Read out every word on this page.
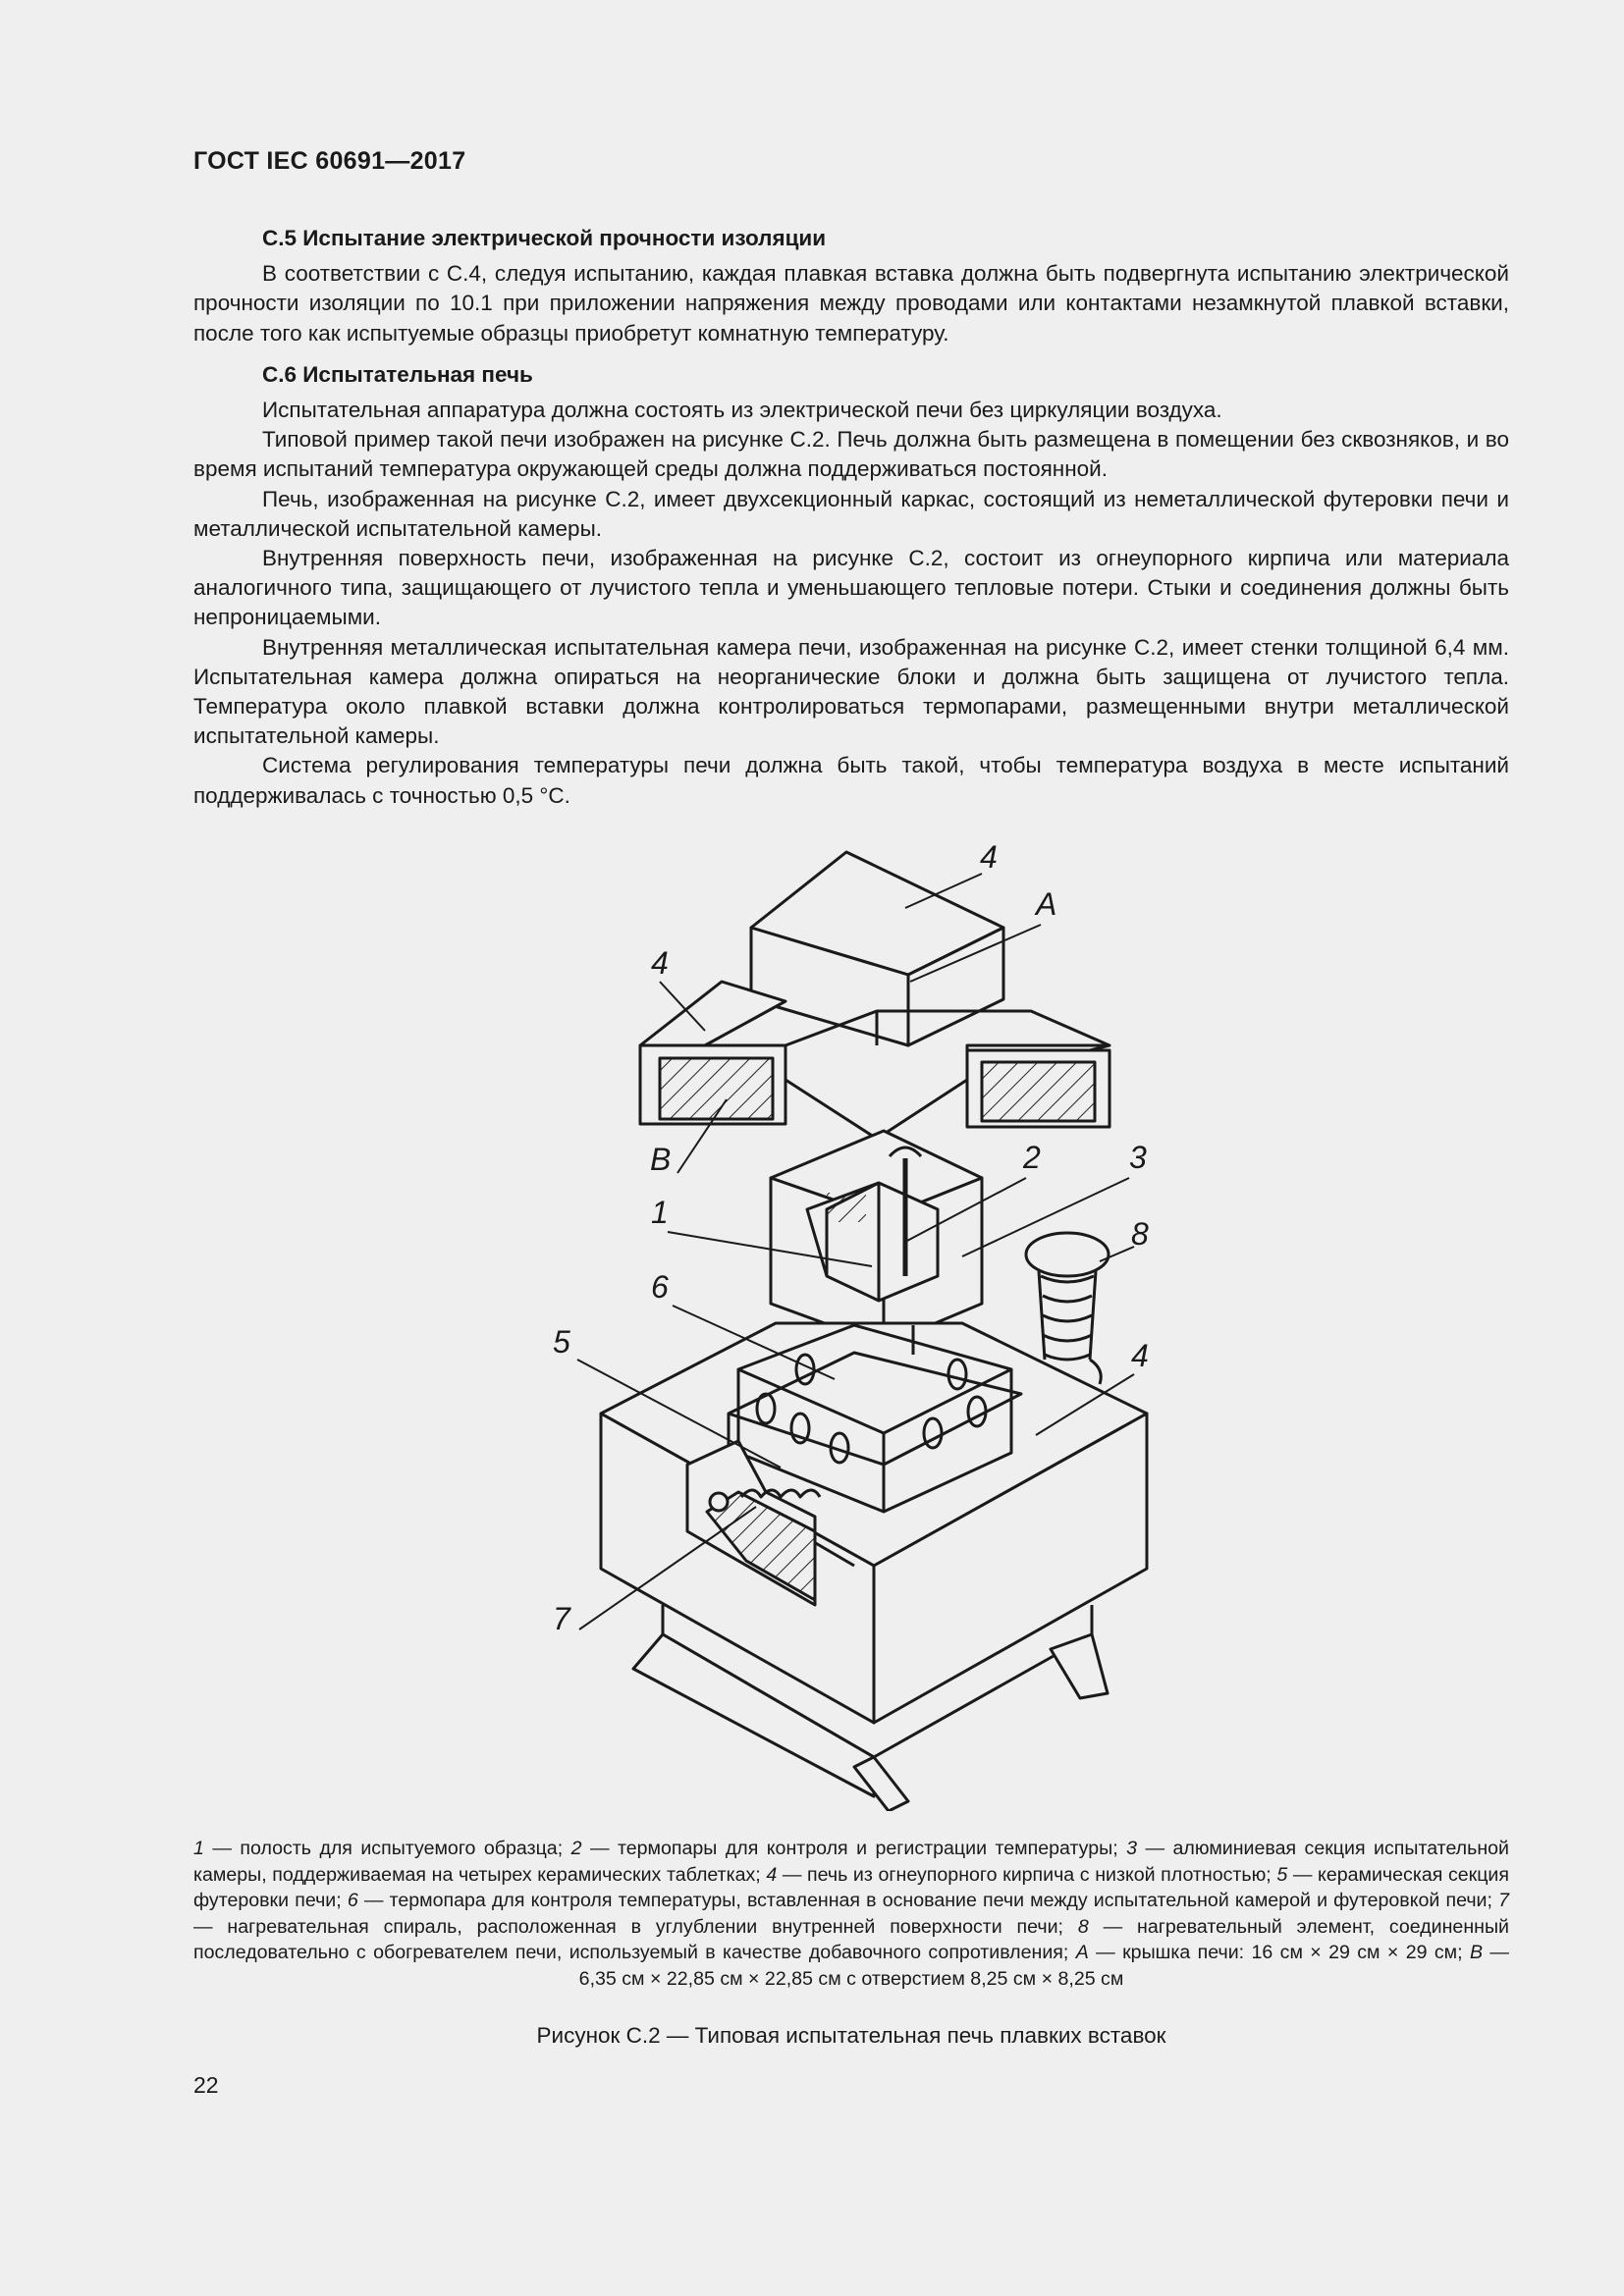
ГОСТ IEC 60691—2017

С.5 Испытание электрической прочности изоляции

В соответствии с С.4, следуя испытанию, каждая плавкая вставка должна быть подвергнута испытанию электрической прочности изоляции по 10.1 при приложении напряжения между проводами или контактами незамкнутой плавкой вставки, после того как испытуемые образцы приобретут комнатную температуру.

С.6 Испытательная печь

Испытательная аппаратура должна состоять из электрической печи без циркуляции воздуха.

Типовой пример такой печи изображен на рисунке С.2. Печь должна быть размещена в помещении без сквозняков, и во время испытаний температура окружающей среды должна поддерживаться постоянной.

Печь, изображенная на рисунке С.2, имеет двухсекционный каркас, состоящий из неметаллической футеровки печи и металлической испытательной камеры.

Внутренняя поверхность печи, изображенная на рисунке С.2, состоит из огнеупорного кирпича или материала аналогичного типа, защищающего от лучистого тепла и уменьшающего тепловые потери. Стыки и соединения должны быть непроницаемыми.

Внутренняя металлическая испытательная камера печи, изображенная на рисунке С.2, имеет стенки толщиной 6,4 мм. Испытательная камера должна опираться на неорганические блоки и должна быть защищена от лучистого тепла. Температура около плавкой вставки должна контролироваться термопарами, размещенными внутри металлической испытательной камеры.

Система регулирования температуры печи должна быть такой, чтобы температура воздуха в месте испытаний поддерживалась с точностью 0,5 °С.

4
A
4
B	2	3
1
8
6
5	4
7
1 — полость для испытуемого образца; 2 — термопары для контроля и регистрации температуры; 3 — алюминиевая секция испытательной камеры, поддерживаемая на четырех керамических таблетках; 4 — печь из огнеупорного кирпича с низкой плотностью; 5 — керамическая секция футеровки печи; 6 — термопара для контроля температуры, вставленная в основание печи между испытательной камерой и футеровкой печи; 7 — нагревательная спираль, расположенная в углублении внутренней поверхности печи; 8 — нагревательный элемент, соединенный последовательно с обогревателем печи, используемый в качестве добавочного сопротивления; А — крышка печи: 16 см × 29 см × 29 см; В — 6,35 см × 22,85 см × 22,85 см с отверстием 8,25 см × 8,25 см
Рисунок С.2 — Типовая испытательная печь плавких вставок
22
